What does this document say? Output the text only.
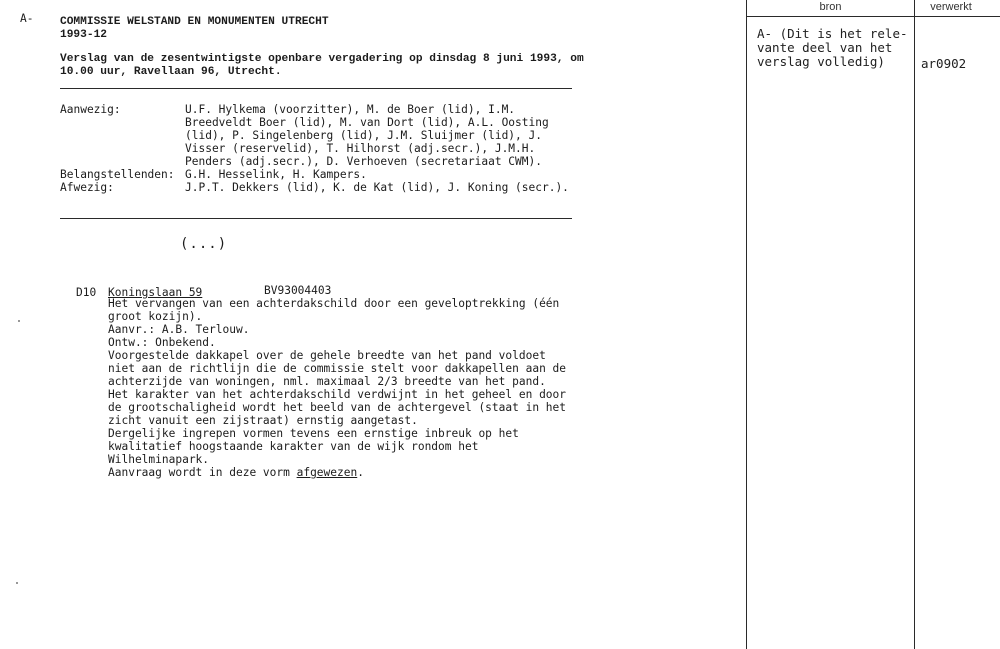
A- COMMISSIE WELSTAND EN MONUMENTEN UTRECHT
1993-12
Verslag van de zesentwintigste openbare vergadering op dinsdag 8 juni 1993, om
10.00 uur, Ravellaan 96, Utrecht.
Aanwezig:	U.F. Hylkema (voorzitter), M. de Boer (lid), I.M.
Breedveldt Boer (lid), M. van Dort (lid), A.L. Oosting
(lid), P. Singelenberg (lid), J.M. Sluijmer (lid), J.
Visser (reservelid), T. Hilhorst (adj.secr.), J.M.H.
Penders (adj.secr.), D. Verhoeven (secretariaat CWM).
Belangstellenden: G.H. Hesselink, H. Kampers.
Afwezig:	J.P.T. Dekkers (lid), K. de Kat (lid), J. Koning (secr.).
(...)
D10 Koningslaan 59	BV93004403
Het vervangen van een achterdakschild door een geveloptrekking (één
groot kozijn).
Aanvr.: A.B. Terlouw.
Ontw.: Onbekend.
Voorgestelde dakkapel over de gehele breedte van het pand voldoet
niet aan de richtlijn die de commissie stelt voor dakkapellen aan de
achterzijde van woningen, nml. maximaal 2/3 breedte van het pand.
Het karakter van het achterdakschild verdwijnt in het geheel en door
de grootschaligheid wordt het beeld van de achtergevel (staat in het
zicht vanuit een zijstraat) ernstig aangetast.
Dergelijke ingrepen vormen tevens een ernstige inbreuk op het
kwalitatief hoogstaande karakter van de wijk rondom het
Wilhelminapark.
Aanvraag wordt in deze vorm afgewezen.
bron	verwerkt
A- (Dit is het rele-
vante deel van het
verslag volledig)	ar0902
